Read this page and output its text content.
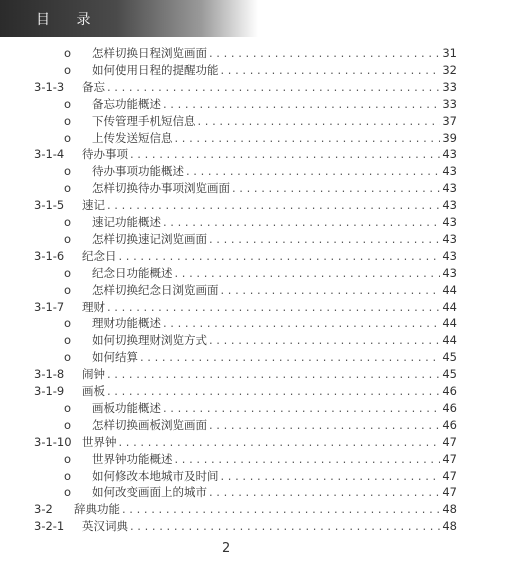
目 录
o 怎样切换日程浏览画面 . . .	31
o 如何使用日程的提醒功能 . . .	32
3-1-3 备忘 . . .	33
o 备忘功能概述 . . .	33
o 下传管理手机短信息 . . .	37
o 上传发送短信息 . . .	39
3-1-4 待办事项 . . .	43
o 待办事项功能概述 . . .	43
o 怎样切换待办事项浏览画面 . . .	43
3-1-5 速记 . . .	43
o 速记功能概述 . . .	43
o 怎样切换速记浏览画面 . . .	43
3-1-6 纪念日 . . .	43
o 纪念日功能概述 . . .	43
o 怎样切换纪念日浏览画面 . . .	44
3-1-7 理财 . . .	44
o 理财功能概述 . . .	44
o 如何切换理财浏览方式 . . .	44
o 如何结算 . . .	45
3-1-8 闹钟 . . .	45
3-1-9 画板 . . .	46
o 画板功能概述 . . .	46
o 怎样切换画板浏览画面 . . .	46
3-1-10 世界钟 . . .	47
o 世界钟功能概述 . . .	47
o 如何修改本地城市及时间 . . .	47
o 如何改变画面上的城市 . . .	47
3-2 辞典功能 . . .	48
3-2-1 英汉词典 . . .	48
2
